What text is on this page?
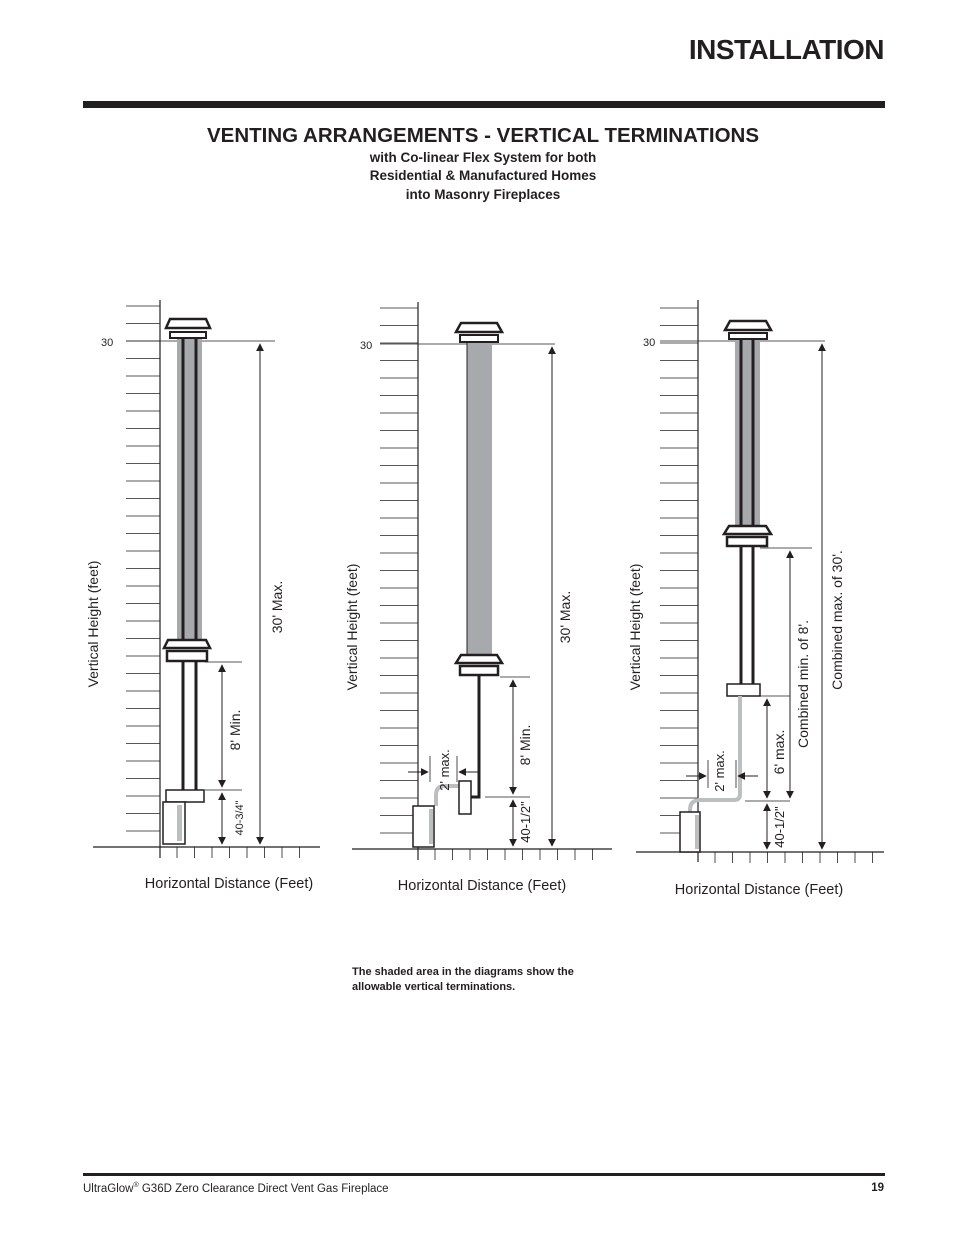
INSTALLATION
VENTING ARRANGEMENTS - VERTICAL TERMINATIONS
with Co-linear Flex System for both
Residential & Manufactured Homes
into Masonry Fireplaces
30
30' Max.
8' Min.
40-3/4"
Vertical Height (feet)
Horizontal Distance (Feet)
30
30' Max.
8' Min.
40-1/2"
2' max.
Vertical Height (feet)
Horizontal Distance (Feet)
30
Combined max. of 30'.
Combined min. of 8'.
6' max.
40-1/2"
2' max.
Vertical Height (feet)
Horizontal Distance (Feet)
The shaded area in the diagrams show the
allowable vertical terminations.
UltraGlow® G36D Zero Clearance Direct Vent Gas Fireplace	19
